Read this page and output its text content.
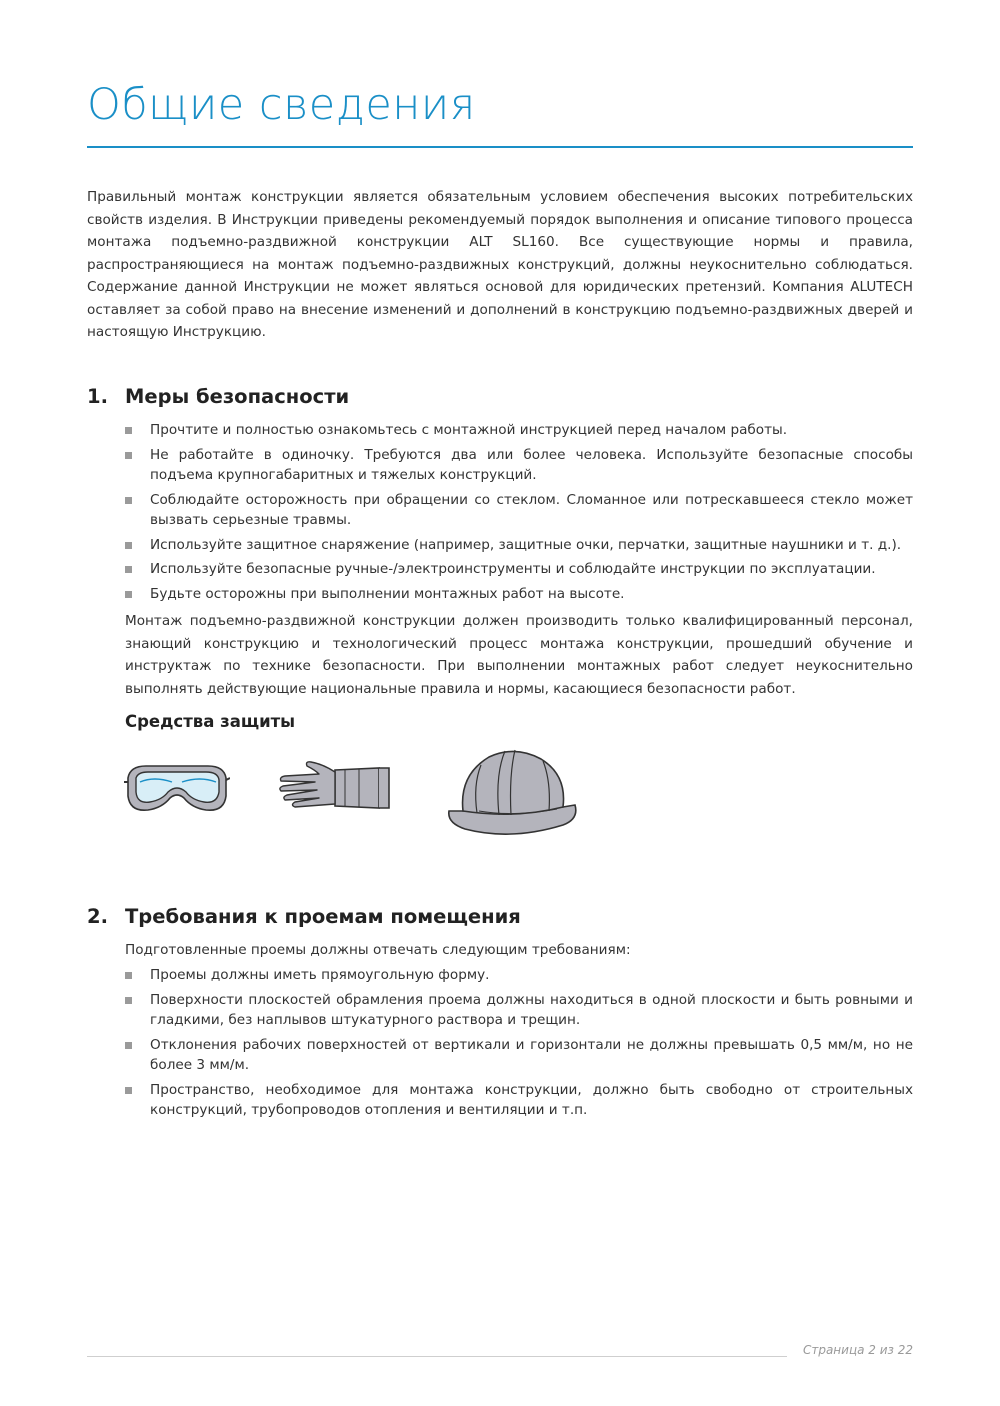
Общие сведения

Правильный монтаж конструкции является обязательным условием обеспечения высоких потребительских свойств изделия. В Инструкции приведены рекомендуемый порядок выполнения и описание типового процесса монтажа подъемно-раздвижной конструкции ALT SL160. Все существующие нормы и правила, распространяющиеся на монтаж подъемно-раздвижных конструкций, должны неукоснительно соблюдаться. Содержание данной Инструкции не может являться основой для юридических претензий. Компания ALUTECH оставляет за собой право на внесение изменений и дополнений в конструкцию подъемно-раздвижных дверей и настоящую Инструкцию.

1. Меры безопасности
Прочтите и полностью ознакомьтесь с монтажной инструкцией перед началом работы.
Не работайте в одиночку. Требуются два или более человека. Используйте безопасные способы подъема крупногабаритных и тяжелых конструкций.
Соблюдайте осторожность при обращении со стеклом. Сломанное или потрескавшееся стекло может вызвать серьезные травмы.
Используйте защитное снаряжение (например, защитные очки, перчатки, защитные наушники и т. д.).
Используйте безопасные ручные-/электроинструменты и соблюдайте инструкции по эксплуатации.
Будьте осторожны при выполнении монтажных работ на высоте.

Монтаж подъемно-раздвижной конструкции должен производить только квалифицированный персонал, знающий конструкцию и технологический процесс монтажа конструкции, прошедший обучение и инструктаж по технике безопасности. При выполнении монтажных работ следует неукоснительно выполнять действующие национальные правила и нормы, касающиеся безопасности работ.

Средства защиты
2. Требования к проемам помещения

Подготовленные проемы должны отвечать следующим требованиям:

Проемы должны иметь прямоугольную форму.
Поверхности плоскостей обрамления проема должны находиться в одной плоскости и быть ровными и гладкими, без наплывов штукатурного раствора и трещин.
Отклонения рабочих поверхностей от вертикали и горизонтали не должны превышать 0,5 мм/м, но не более 3 мм/м.
Пространство, необходимое для монтажа конструкции, должно быть свободно от строительных конструкций, трубопроводов отопления и вентиляции и т.п.
Страница 2 из 22
